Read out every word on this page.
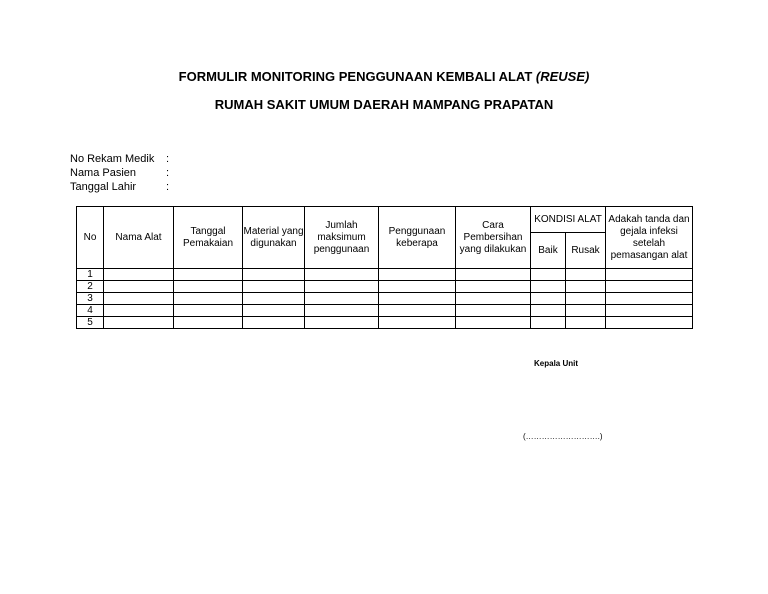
FORMULIR MONITORING PENGGUNAAN KEMBALI ALAT (REUSE)
RUMAH SAKIT UMUM DAERAH MAMPANG PRAPATAN
No Rekam Medik	:
Nama Pasien	:
Tanggal Lahir	:
No	Nama Alat	Tanggal Pemakaian	Material yang digunakan	Jumlah maksimum penggunaan	Penggunaan keberapa	Cara Pembersihan yang dilakukan	KONDISI ALAT		Adakah tanda dan gejala infeksi setelah pemasangan alat
							Baik	Rusak	
1									
2									
3									
4									
5									
Kepala Unit
(……………………….)
